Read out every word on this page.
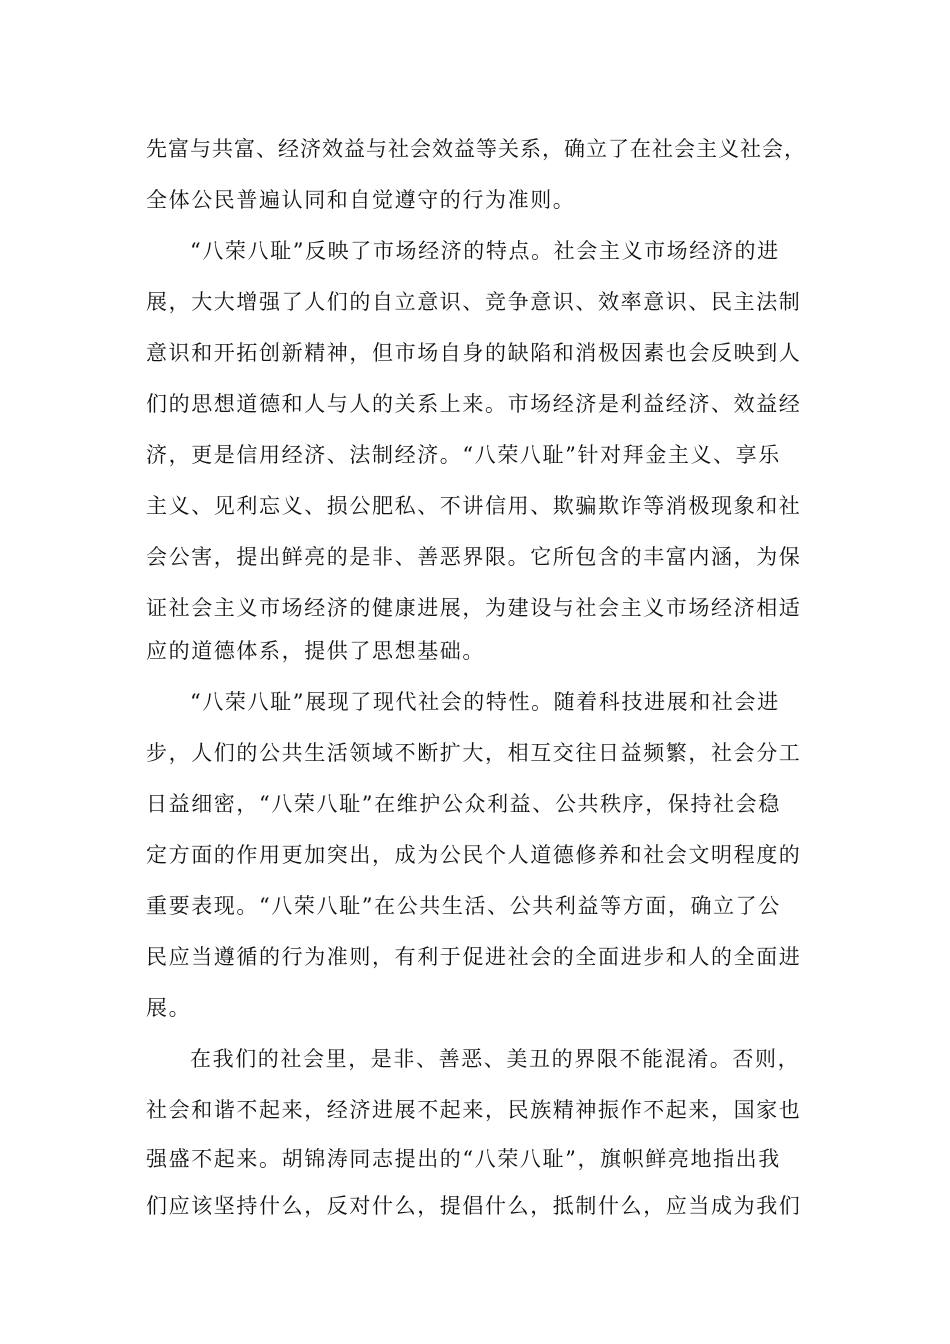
先富与共富、经济效益与社会效益等关系，确立了在社会主义社会，
全体公民普遍认同和自觉遵守的行为准则。
“八荣八耻”反映了市场经济的特点。社会主义市场经济的进
展，大大增强了人们的自立意识、竞争意识、效率意识、民主法制
意识和开拓创新精神，但市场自身的缺陷和消极因素也会反映到人
们的思想道德和人与人的关系上来。市场经济是利益经济、效益经
济，更是信用经济、法制经济。“八荣八耻”针对拜金主义、享乐
主义、见利忘义、损公肥私、不讲信用、欺骗欺诈等消极现象和社
会公害，提出鲜亮的是非、善恶界限。它所包含的丰富内涵，为保
证社会主义市场经济的健康进展，为建设与社会主义市场经济相适
应的道德体系，提供了思想基础。
“八荣八耻”展现了现代社会的特性。随着科技进展和社会进
步，人们的公共生活领域不断扩大，相互交往日益频繁，社会分工
日益细密，“八荣八耻”在维护公众利益、公共秩序，保持社会稳
定方面的作用更加突出，成为公民个人道德修养和社会文明程度的
重要表现。“八荣八耻”在公共生活、公共利益等方面，确立了公
民应当遵循的行为准则，有利于促进社会的全面进步和人的全面进
展。
在我们的社会里，是非、善恶、美丑的界限不能混淆。否则，
社会和谐不起来，经济进展不起来，民族精神振作不起来，国家也
强盛不起来。胡锦涛同志提出的“八荣八耻”，旗帜鲜亮地指出我
们应该坚持什么，反对什么，提倡什么，抵制什么，应当成为我们
